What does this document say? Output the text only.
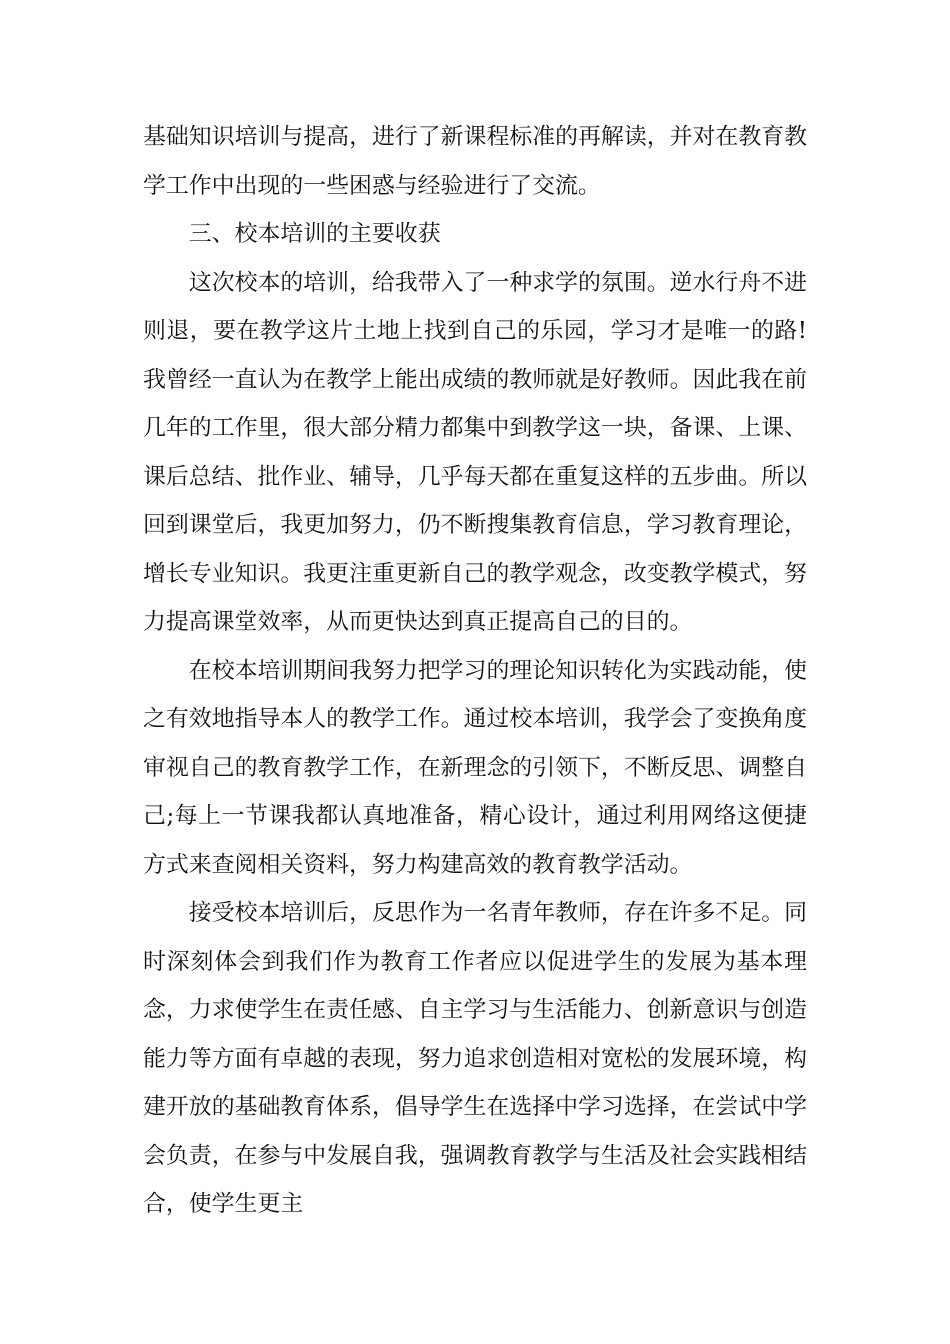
基础知识培训与提高，进行了新课程标准的再解读，并对在教育教学工作中出现的一些困惑与经验进行了交流。

三、校本培训的主要收获

这次校本的培训，给我带入了一种求学的氛围。逆水行舟不进则退，要在教学这片土地上找到自己的乐园，学习才是唯一的路!我曾经一直认为在教学上能出成绩的教师就是好教师。因此我在前几年的工作里，很大部分精力都集中到教学这一块，备课、上课、课后总结、批作业、辅导，几乎每天都在重复这样的五步曲。所以回到课堂后，我更加努力，仍不断搜集教育信息，学习教育理论，增长专业知识。我更注重更新自己的教学观念，改变教学模式，努力提高课堂效率，从而更快达到真正提高自己的目的。

在校本培训期间我努力把学习的理论知识转化为实践动能，使之有效地指导本人的教学工作。通过校本培训，我学会了变换角度审视自己的教育教学工作，在新理念的引领下，不断反思、调整自己;每上一节课我都认真地准备，精心设计，通过利用网络这便捷方式来查阅相关资料，努力构建高效的教育教学活动。

接受校本培训后，反思作为一名青年教师，存在许多不足。同时深刻体会到我们作为教育工作者应以促进学生的发展为基本理念，力求使学生在责任感、自主学习与生活能力、创新意识与创造能力等方面有卓越的表现，努力追求创造相对宽松的发展环境，构建开放的基础教育体系，倡导学生在选择中学习选择，在尝试中学会负责，在参与中发展自我，强调教育教学与生活及社会实践相结合，使学生更主
